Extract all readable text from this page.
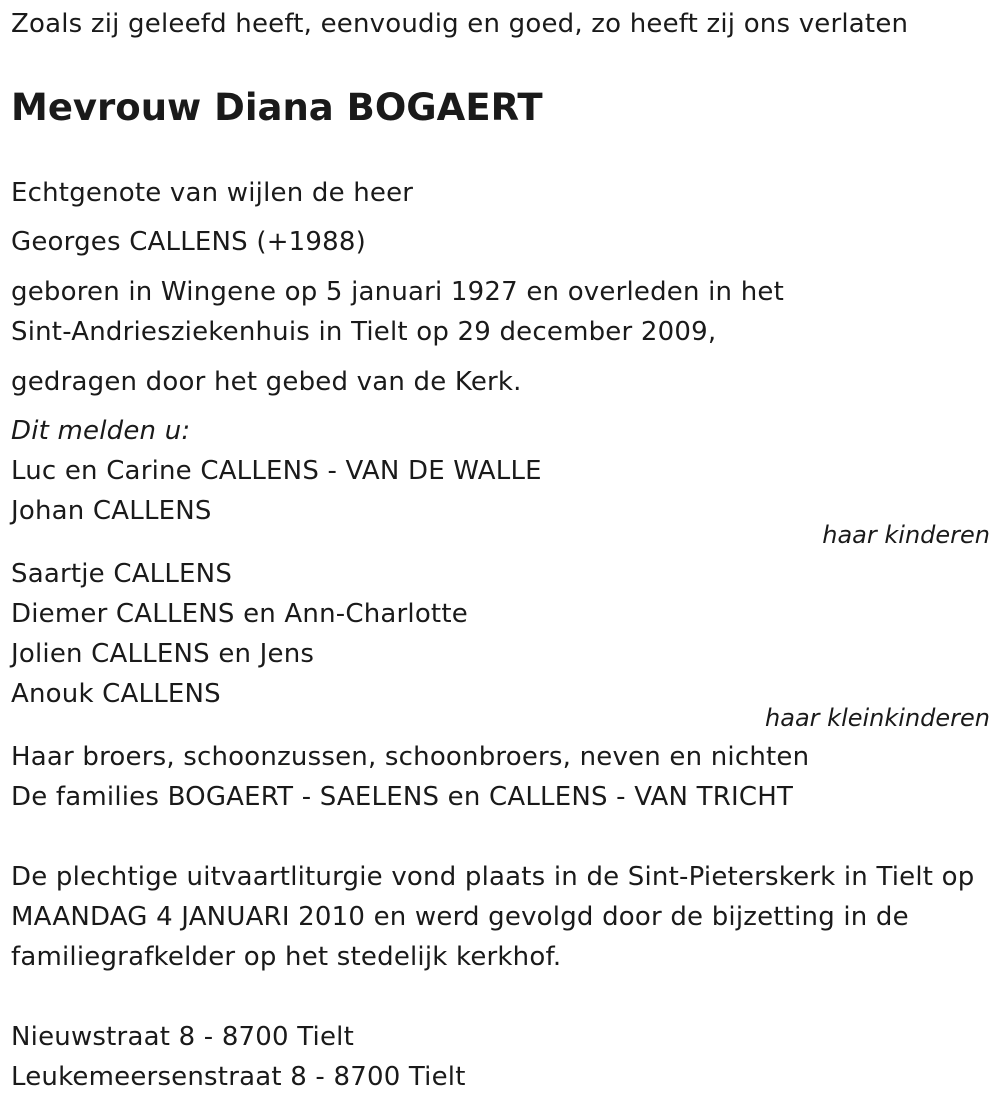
Zoals zij geleefd heeft, eenvoudig en goed, zo heeft zij ons verlaten
Mevrouw Diana BOGAERT
Echtgenote van wijlen de heer
Georges CALLENS (+1988)
geboren in Wingene op 5 januari 1927 en overleden in het
Sint-Andriesziekenhuis in Tielt op 29 december 2009,
gedragen door het gebed van de Kerk.
Dit melden u:
Luc en Carine CALLENS - VAN DE WALLE
Johan CALLENS
haar kinderen
Saartje CALLENS
Diemer CALLENS en Ann-Charlotte
Jolien CALLENS en Jens
Anouk CALLENS
haar kleinkinderen
Haar broers, schoonzussen, schoonbroers, neven en nichten
De families BOGAERT - SAELENS en CALLENS - VAN TRICHT
De plechtige uitvaartliturgie vond plaats in de Sint-Pieterskerk in Tielt op
MAANDAG 4 JANUARI 2010 en werd gevolgd door de bijzetting in de
familiegrafkelder op het stedelijk kerkhof.
Nieuwstraat 8 - 8700 Tielt
Leukemeersenstraat 8 - 8700 Tielt
